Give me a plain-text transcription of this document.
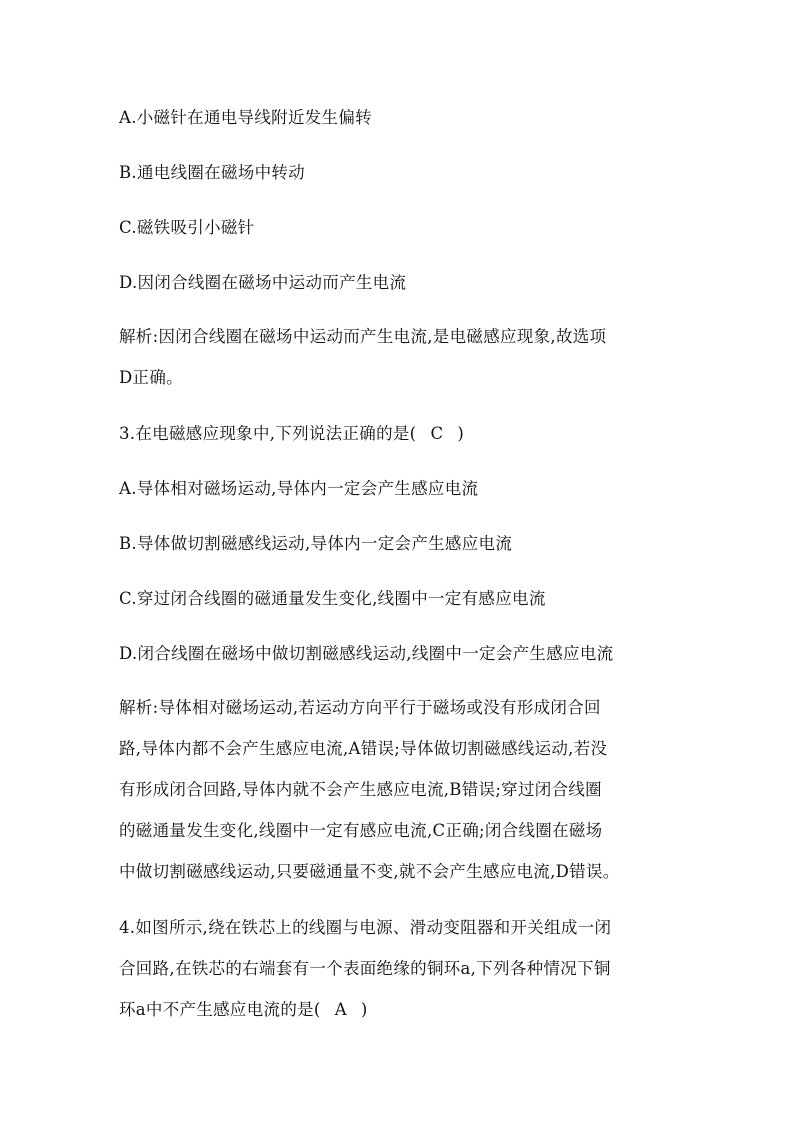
A.小磁针在通电导线附近发生偏转
B.通电线圈在磁场中转动
C.磁铁吸引小磁针
D.因闭合线圈在磁场中运动而产生电流
解析:因闭合线圈在磁场中运动而产生电流,是电磁感应现象,故选项
D正确。
3.在电磁感应现象中,下列说法正确的是( C )
A.导体相对磁场运动,导体内一定会产生感应电流
B.导体做切割磁感线运动,导体内一定会产生感应电流
C.穿过闭合线圈的磁通量发生变化,线圈中一定有感应电流
D.闭合线圈在磁场中做切割磁感线运动,线圈中一定会产生感应电流
解析:导体相对磁场运动,若运动方向平行于磁场或没有形成闭合回
路,导体内都不会产生感应电流,A错误;导体做切割磁感线运动,若没
有形成闭合回路,导体内就不会产生感应电流,B错误;穿过闭合线圈
的磁通量发生变化,线圈中一定有感应电流,C正确;闭合线圈在磁场
中做切割磁感线运动,只要磁通量不变,就不会产生感应电流,D错误。
4.如图所示,绕在铁芯上的线圈与电源、滑动变阻器和开关组成一闭
合回路,在铁芯的右端套有一个表面绝缘的铜环a,下列各种情况下铜
环a中不产生感应电流的是( A )
